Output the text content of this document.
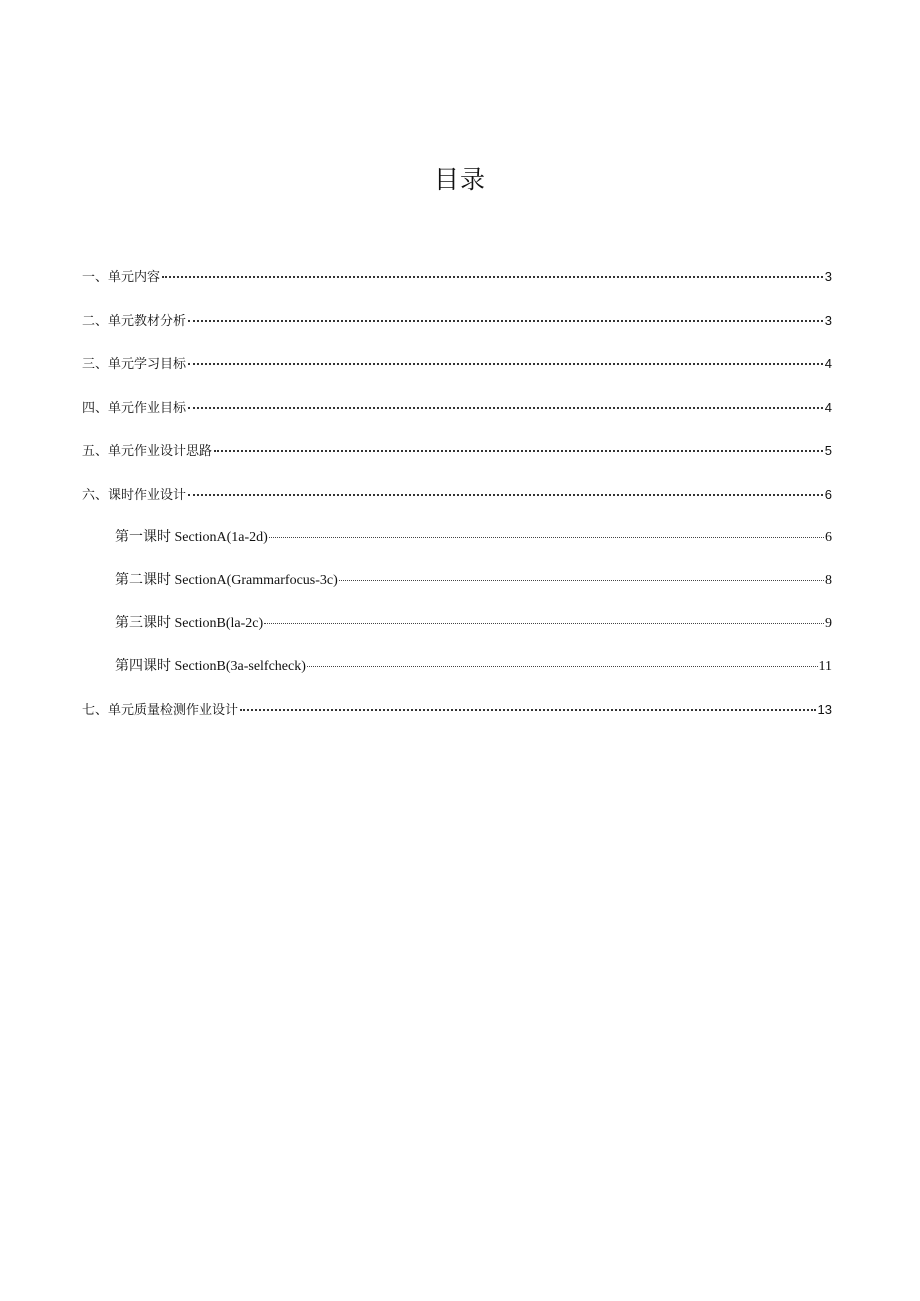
目录
一、单元内容	3
二、单元教材分析	3
三、单元学习目标	4
四、单元作业目标	4
五、单元作业设计思路	5
六、课时作业设计	6
第一课时 SectionA(1a-2d)	6
第二课时 SectionA(Grammarfocus-3c)	8
第三课时 SectionB(la-2c)	9
第四课时 SectionB(3a-selfcheck)	11
七、单元质量检测作业设计	13
